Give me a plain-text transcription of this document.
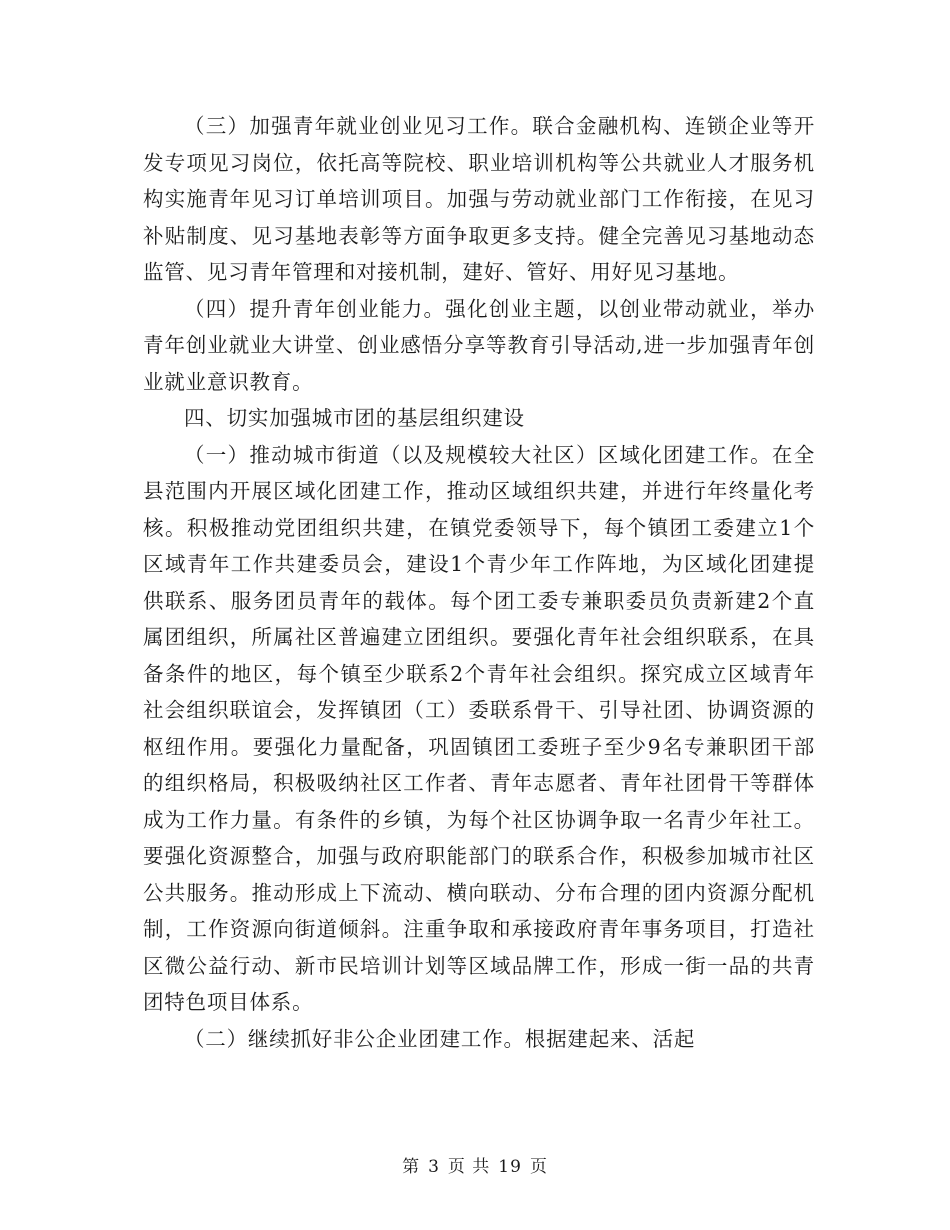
（三）加强青年就业创业见习工作。联合金融机构、连锁企业等开发专项见习岗位，依托高等院校、职业培训机构等公共就业人才服务机构实施青年见习订单培训项目。加强与劳动就业部门工作衔接，在见习补贴制度、见习基地表彰等方面争取更多支持。健全完善见习基地动态监管、见习青年管理和对接机制，建好、管好、用好见习基地。

（四）提升青年创业能力。强化创业主题，以创业带动就业，举办青年创业就业大讲堂、创业感悟分享等教育引导活动,进一步加强青年创业就业意识教育。

四、切实加强城市团的基层组织建设

（一）推动城市街道（以及规模较大社区）区域化团建工作。在全县范围内开展区域化团建工作，推动区域组织共建，并进行年终量化考核。积极推动党团组织共建，在镇党委领导下，每个镇团工委建立1个区域青年工作共建委员会，建设1个青少年工作阵地，为区域化团建提供联系、服务团员青年的载体。每个团工委专兼职委员负责新建2个直属团组织，所属社区普遍建立团组织。要强化青年社会组织联系，在具备条件的地区，每个镇至少联系2个青年社会组织。探究成立区域青年社会组织联谊会，发挥镇团（工）委联系骨干、引导社团、协调资源的枢纽作用。要强化力量配备，巩固镇团工委班子至少9名专兼职团干部的组织格局，积极吸纳社区工作者、青年志愿者、青年社团骨干等群体成为工作力量。有条件的乡镇，为每个社区协调争取一名青少年社工。要强化资源整合，加强与政府职能部门的联系合作，积极参加城市社区公共服务。推动形成上下流动、横向联动、分布合理的团内资源分配机制，工作资源向街道倾斜。注重争取和承接政府青年事务项目，打造社区微公益行动、新市民培训计划等区域品牌工作，形成一街一品的共青团特色项目体系。

（二）继续抓好非公企业团建工作。根据建起来、活起

第 3 页 共 19 页
